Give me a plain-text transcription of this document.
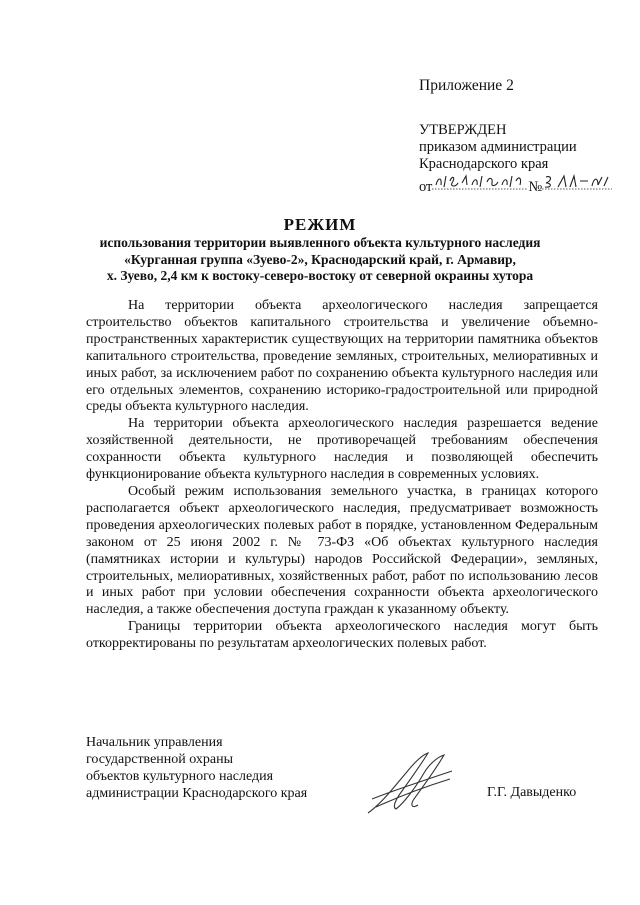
Приложение 2
УТВЕРЖДЕН
приказом администрации
Краснодарского края
от	№
РЕЖИМ
использования территории выявленного объекта культурного наследия
«Курганная группа «Зуево-2», Краснодарский край, г. Армавир,
х. Зуево, 2,4 км к востоку-северо-востоку от северной окраины хутора

На территории объекта археологического наследия запрещается строительство объектов капитального строительства и увеличение объемно-пространственных характеристик существующих на территории памятника объектов капитального строительства, проведение земляных, строительных, мелиоративных и иных работ, за исключением работ по сохранению объекта культурного наследия или его отдельных элементов, сохранению историко-градостроительной или природной среды объекта культурного наследия.

На территории объекта археологического наследия разрешается ведение хозяйственной деятельности, не противоречащей требованиям обеспечения сохранности объекта культурного наследия и позволяющей обеспечить функционирование объекта культурного наследия в современных условиях.

Особый режим использования земельного участка, в границах которого располагается объект археологического наследия, предусматривает возможность проведения археологических полевых работ в порядке, установленном Федеральным законом от 25 июня 2002 г. № 73-ФЗ «Об объектах культурного наследия (памятниках истории и культуры) народов Российской Федерации», земляных, строительных, мелиоративных, хозяйственных работ, работ по использованию лесов и иных работ при условии обеспечения сохранности объекта археологического наследия, а также обеспечения доступа граждан к указанному объекту.

Границы территории объекта археологического наследия могут быть откорректированы по результатам археологических полевых работ.

Начальник управления
государственной охраны
объектов культурного наследия
администрации Краснодарского края	Г.Г. Давыденко
